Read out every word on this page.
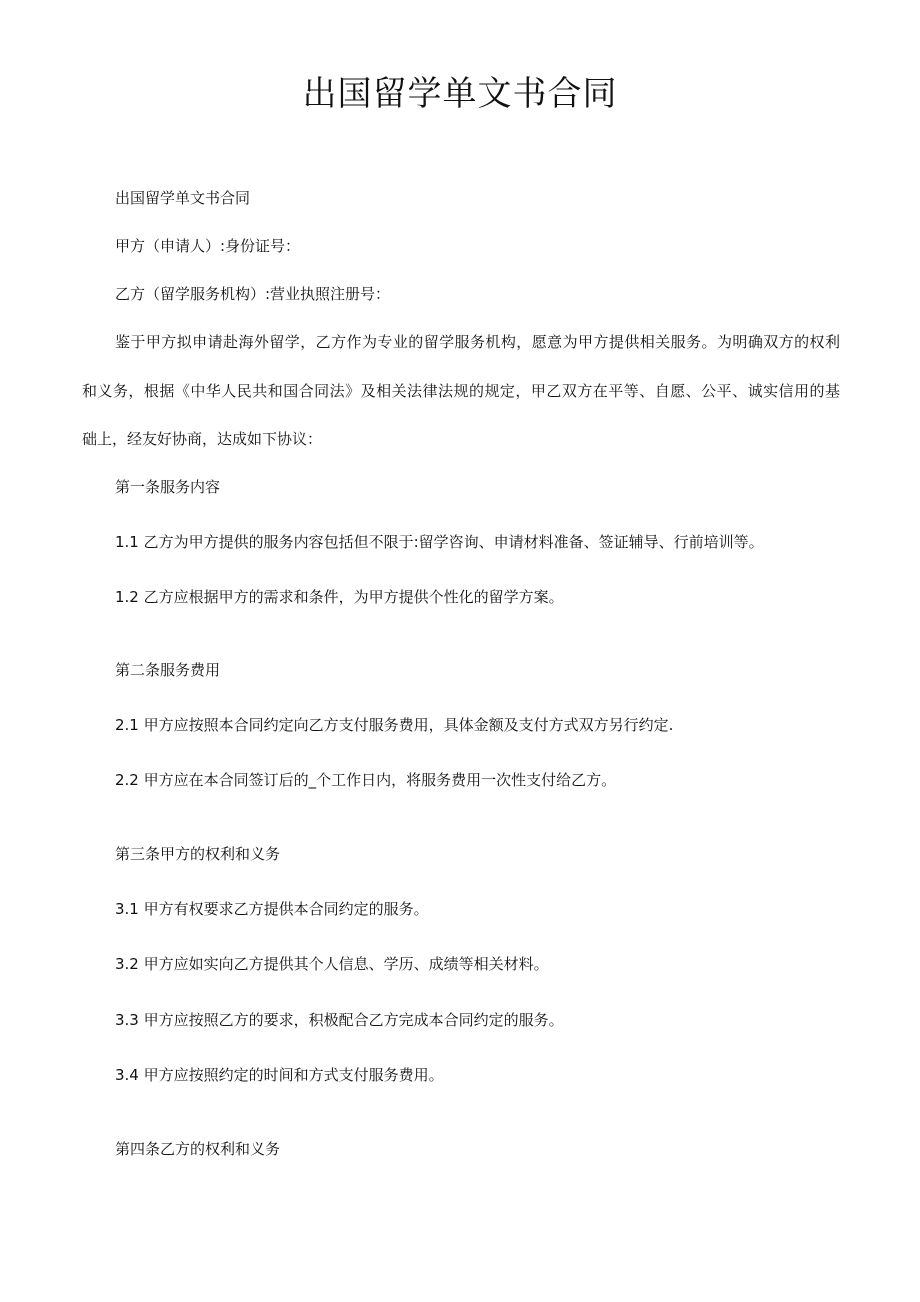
出国留学单文书合同

出国留学单文书合同

甲方（申请人）:身份证号：

乙方（留学服务机构）:营业执照注册号：

鉴于甲方拟申请赴海外留学，乙方作为专业的留学服务机构，愿意为甲方提供相关服务。为明确双方的权利

和义务，根据《中华人民共和国合同法》及相关法律法规的规定，甲乙双方在平等、自愿、公平、诚实信用的基

础上，经友好协商，达成如下协议：

第一条服务内容

1.1 乙方为甲方提供的服务内容包括但不限于:留学咨询、申请材料准备、签证辅导、行前培训等。

1.2 乙方应根据甲方的需求和条件，为甲方提供个性化的留学方案。

第二条服务费用

2.1 甲方应按照本合同约定向乙方支付服务费用，具体金额及支付方式双方另行约定.

2.2 甲方应在本合同签订后的_个工作日内，将服务费用一次性支付给乙方。

第三条甲方的权利和义务

3.1 甲方有权要求乙方提供本合同约定的服务。

3.2 甲方应如实向乙方提供其个人信息、学历、成绩等相关材料。

3.3 甲方应按照乙方的要求，积极配合乙方完成本合同约定的服务。

3.4 甲方应按照约定的时间和方式支付服务费用。

第四条乙方的权利和义务
